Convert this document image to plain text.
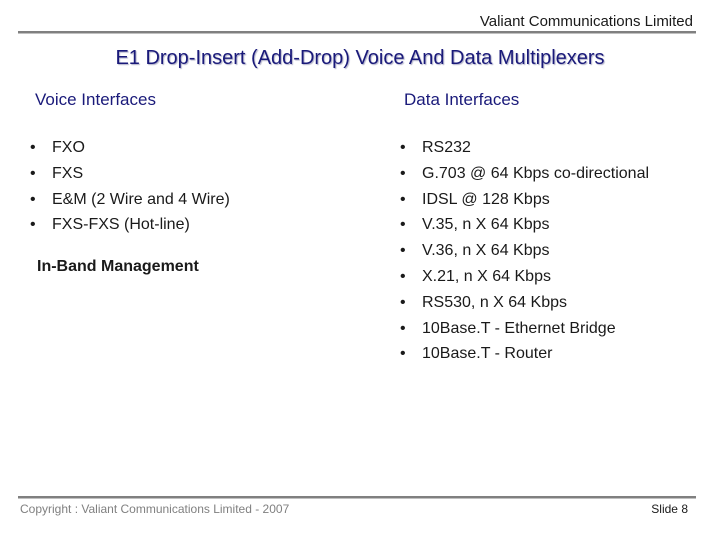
Valiant Communications Limited
E1 Drop-Insert (Add-Drop) Voice And Data Multiplexers
Voice Interfaces	Data Interfaces
• FXO
• FXS
• E&M (2 Wire and 4 Wire)
• FXS-FXS (Hot-line)
In-Band Management
• RS232
• G.703 @ 64 Kbps co-directional
• IDSL @ 128 Kbps
• V.35, n X 64 Kbps
• V.36, n X 64 Kbps
• X.21, n X 64 Kbps
• RS530, n X 64 Kbps
• 10Base.T - Ethernet Bridge
• 10Base.T - Router
Copyright : Valiant Communications Limited - 2007	Slide 8
